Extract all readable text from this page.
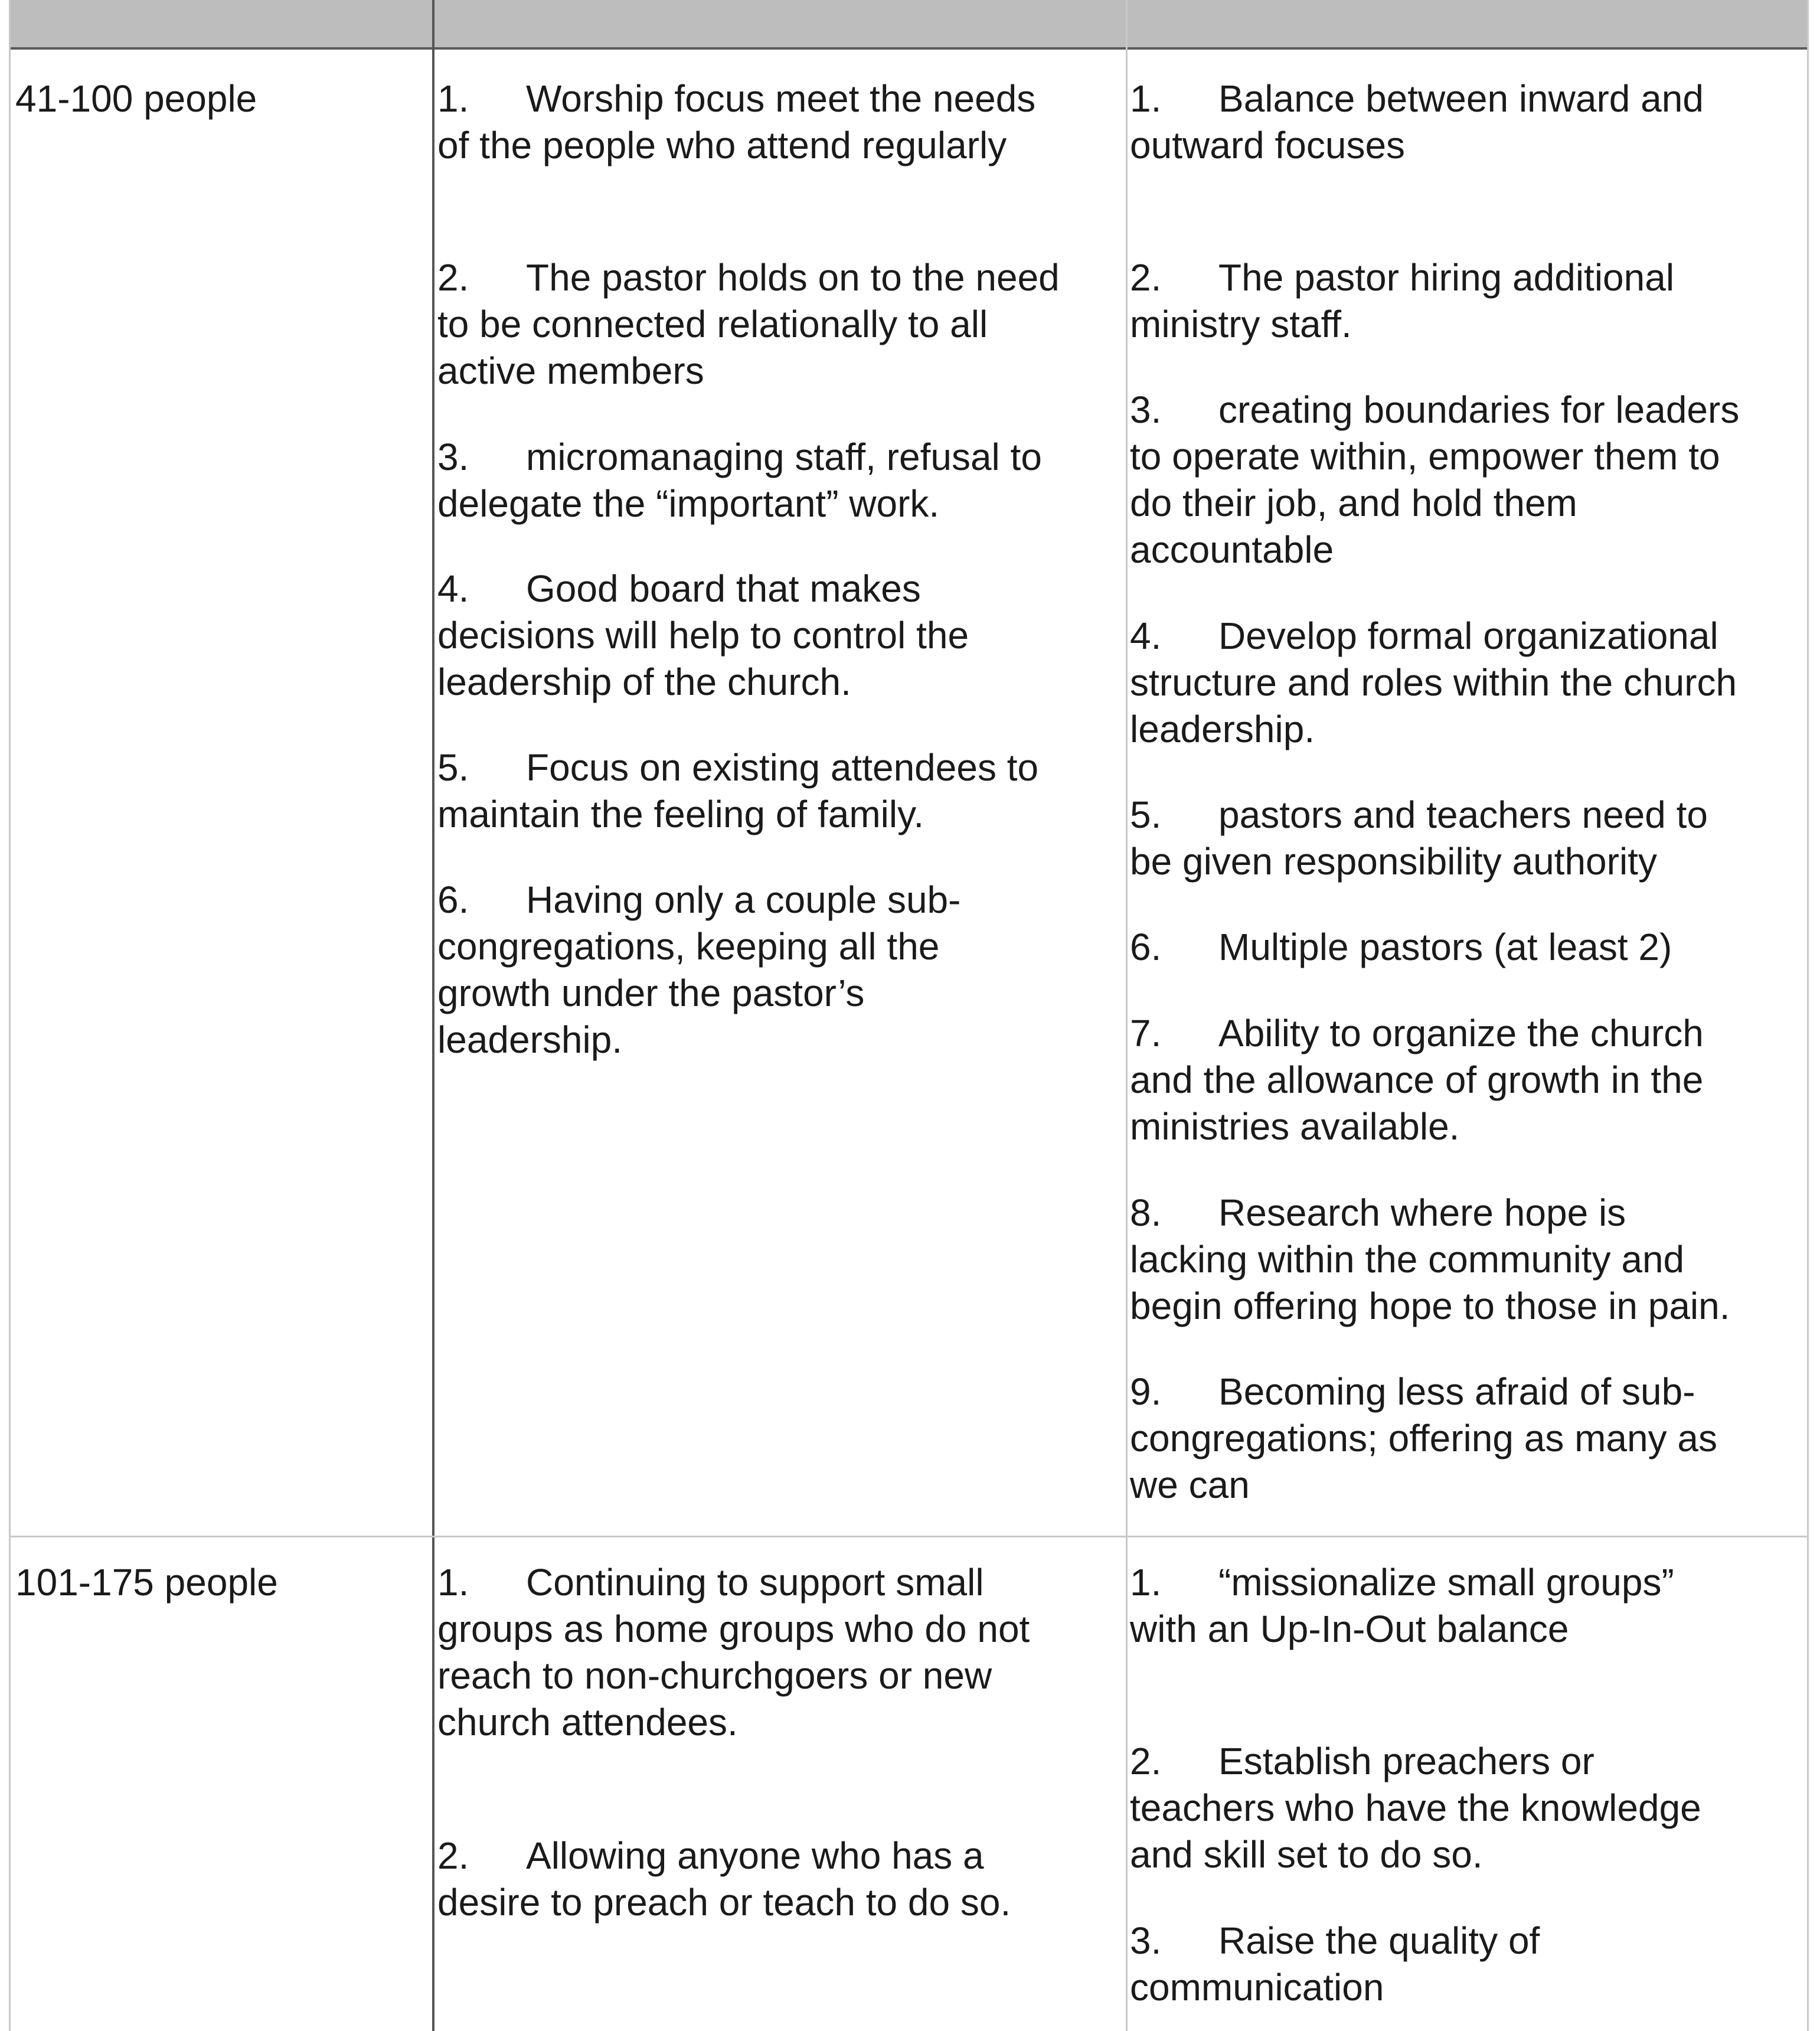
41-100 people	1. Worship focus meet the needs
of the people who attend regularly
2. The pastor holds on to the need
to be connected relationally to all
active members
3. micromanaging staff, refusal to
delegate the “important” work.
4. Good board that makes
decisions will help to control the
leadership of the church.
5. Focus on existing attendees to
maintain the feeling of family.
6. Having only a couple sub-
congregations, keeping all the
growth under the pastor’s
leadership.
1. Balance between inward and
outward focuses
2. The pastor hiring additional
ministry staff.
3. creating boundaries for leaders
to operate within, empower them to
do their job, and hold them
accountable
4. Develop formal organizational
structure and roles within the church
leadership.
5. pastors and teachers need to
be given responsibility authority
6. Multiple pastors (at least 2)
7. Ability to organize the church
and the allowance of growth in the
ministries available.
8. Research where hope is
lacking within the community and
begin offering hope to those in pain.
9. Becoming less afraid of sub-
congregations; offering as many as
we can
101-175 people	1. Continuing to support small
groups as home groups who do not
reach to non-churchgoers or new
church attendees.
2. Allowing anyone who has a
desire to preach or teach to do so.
1. “missionalize small groups”
with an Up-In-Out balance
2. Establish preachers or
teachers who have the knowledge
and skill set to do so.
3. Raise the quality of
communication
